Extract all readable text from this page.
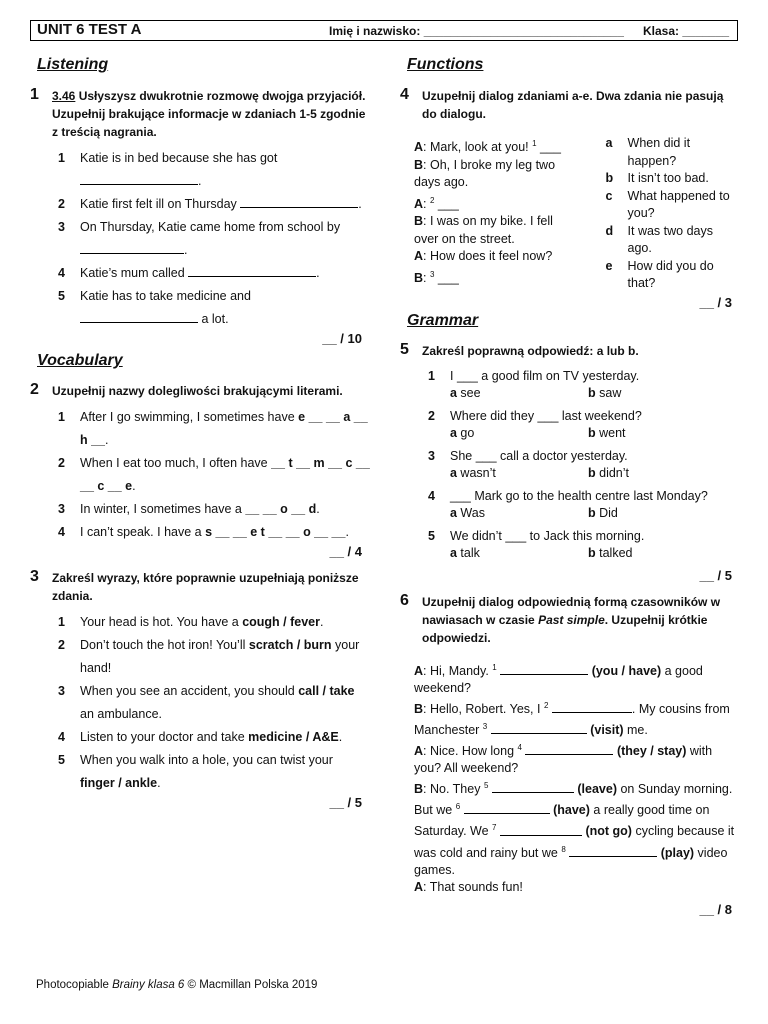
UNIT 6 TEST A	Imię i nazwisko: ______________________________ Klasa: _______
Listening
1	3.46 Usłyszysz dwukrotnie rozmowę dwojga przyjaciół. Uzupełnij brakujące informacje w zdaniach 1-5 zgodnie z treścią nagrania.
1	Katie is in bed because she has got .
2	Katie first felt ill on Thursday	.
3	On Thursday, Katie came home from school by .
4	Katie’s mum called	.
5	Katie has to take medicine and  a lot.
__ / 10
Vocabulary
2	Uzupełnij nazwy dolegliwości brakującymi literami.
1	After I go swimming, I sometimes have e __ __ a __ h __.
2	When I eat too much, I often have __ t __ m __ c __ __ c __ e.
3	In winter, I sometimes have a __ __ o __ d.
4	I can’t speak. I have a s __ __ e t __ __ o __ __.
__ / 4
3	Zakreśl wyrazy, które poprawnie uzupełniają poniższe zdania.
1	Your head is hot. You have a cough / fever.
2	Don’t touch the hot iron! You’ll scratch / burn your hand!
3	When you see an accident, you should call / take an ambulance.
4	Listen to your doctor and take medicine / A&E.
5	When you walk into a hole, you can twist your finger / ankle.
__ / 5
Functions
4	Uzupełnij dialog zdaniami a-e. Dwa zdania nie pasują do dialogu.
A: Mark, look at you! $^1$ ___
B: Oh, I broke my leg two days ago.
A: $^2$ ___
B: I was on my bike. I fell over on the street.
A: How does it feel now?
B: $^3$ ___
a	When did it happen?
b	It isn’t too bad.
c	What happened to you?
d	It was two days ago.
e	How did you do that?
__ / 3
Grammar
5	Zakreśl poprawną odpowiedź: a lub b.
1	I ___ a good film on TV yesterday.
a see	b saw
2	Where did they ___ last weekend?
a go	b went
3	She ___ call a doctor yesterday.
a wasn’t	b didn’t
4	___ Mark go to the health centre last Monday?
a Was	b Did
5	We didn’t ___ to Jack this morning.
a talk	b talked
__ / 5
6	Uzupełnij dialog odpowiednią formą czasowników w nawiasach w czasie Past simple. Uzupełnij krótkie odpowiedzi.
A: Hi, Mandy. $^1$	(you / have) a good weekend?
B: Hello, Robert. Yes, I $^2$	. My cousins from Manchester $^3$	(visit) me.
A: Nice. How long $^4$	(they / stay) with you? All weekend?
B: No. They $^5$	(leave) on Sunday morning. But we $^6$	(have) a really good time on Saturday. We $^7$	(not go) cycling because it was cold and rainy but we $^8$	(play) video games.
A: That sounds fun!
__ / 8
Photocopiable Brainy klasa 6 © Macmillan Polska 2019
